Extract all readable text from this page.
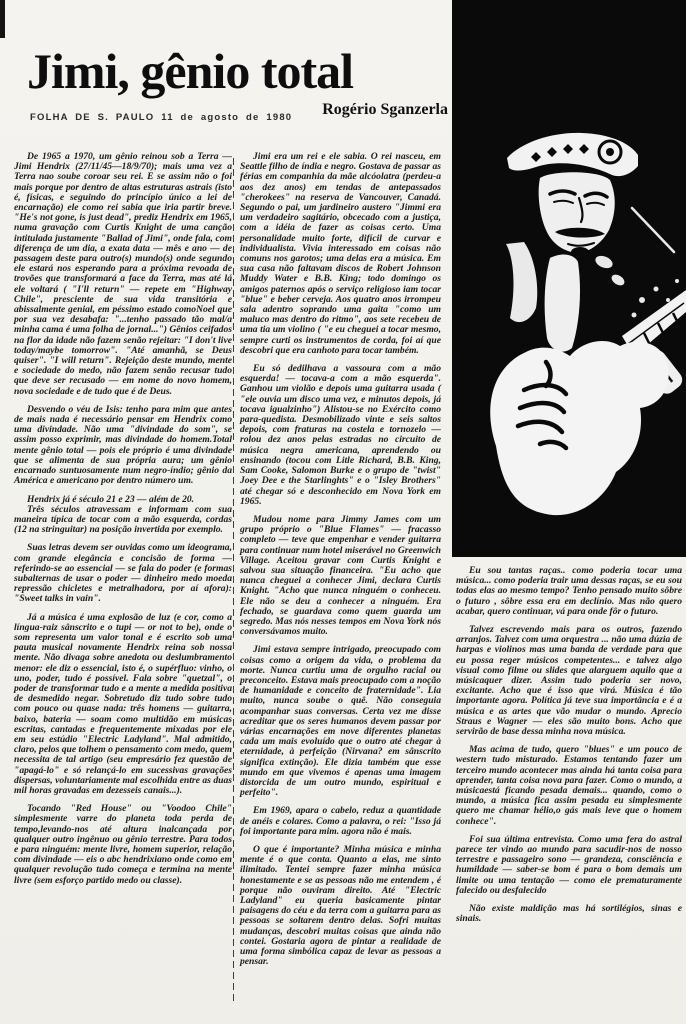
Jimi, gênio total
FOLHA DE S. PAULO 11 de agosto de 1980 Rogério Sganzerla

De 1965 a 1970, um gênio reinou sob a Terra — Jimi Hendrix (27/11/45—18/9/70); mais uma vez a Terra nao soube coroar seu rei. E se assim não o foi mais porque por dentro de altas estruturas astrais (isto é, físicas, e seguindo do princípio único a lei de encarnação) ele como rei sabia que iria partir breve. "He's not gone, is just dead", prediz Hendrix em 1965, numa gravação com Curtis Knight de uma canção intitulada justamente "Ballad of Jimi", onde fala, com diferença de um dia, a exata data — mês e ano — de passagem deste para outro(s) mundo(s) onde segundo ele estará nos esperando para a próxima revoada de trovões que transformará a face da Terra, mas até lá ele voltará ( "I'll return" — repete em "Highway Chile", presciente de sua vida transitória e abissalmente genial, em péssimo estado comoNoel que por sua vez desabafa: "...tenho passado tão mal/a minha cama é uma folha de jornal...") Gênios ceifados na flor da idade não fazem senão rejeitar: "I don't live today/maybe tomorrow". "Até amanhã, se Deus quiser". "I will return". Rejeição deste mundo, mente e sociedade do medo, não fazem senão recusar tudo que deve ser recusado — em nome do novo homem, nova sociedade e de tudo que é de Deus.

Desvendo o véu de Isis: tenho para mim que antes de mais nada é necessário pensar em Hendrix como uma divindade. Não uma "divindade do som", se assim posso exprimir, mas divindade do homem.Total mente gênio total — pois ele próprio é uma divindade que se alimenta de sua própria aura; um gênio encarnado suntuosamente num negro-índio; gênio da América e americano por dentro número um.

Hendrix já é século 21 e 23 — além de 20.

Três séculos atravessam e informam com sua maneira típica de tocar com a mão esquerda, cordas (12 na stringuitar) na posição invertida por exemplo.

Suas letras devem ser ouvidas como um ideograma, com grande elegância e concisão de forma — referindo-se ao essencial — se fala do poder (e formas subalternas de usar o poder — dinheiro medo moeda repressão chicletes e metralhadora, por aí afora): "Sweet talks in vain".

Já a música é uma explosão de luz (e cor, como a língua-raiz sânscrito e o tupi — or not to be), onde o som representa um valor tonal e é escrito sob uma pauta musical novamente Hendrix reina sob nossa mente. Não divaga sobre anedota ou deslumbramento menor: ele diz o essencial, isto é, o supérfluo: vinho, o uno, poder, tudo é possível. Fala sobre "quetzal", o poder de transformar tudo e a mente a medida positiva de desmedido negar. Sobretudo diz tudo sobre tudo com pouco ou quase nada: três homens — guitarra, baixo, bateria — soam como multidão em músicas escritas, cantadas e frequentemente mixadas por ele em seu estúdio "Electric Ladyland". Mal admitido, claro, pelos que tolhem o pensamento com medo, quem necessita de tal artigo (seu empresário fez questão de "apagá-lo" e só relançá-lo em sucessivas gravações dispersas, voluntariamente mal escolhida entre as duas mil horas gravadas em dezesseis canais...).

Tocando "Red House" ou "Voodoo Chile" simplesmente varre do planeta toda perda de tempo,levando-nos até altura inalcançada por qualquer outro ingênuo ou gênio terrestre. Para todos e para ninguém: mente livre, homem superior, relação com divindade — eis o abc hendrixiano onde como em qualquer revolução tudo começa e termina na mente livre (sem esforço partido medo ou classe).

Jimi era um rei e ele sabia. O rei nasceu, em Seattle filho de índia e negro. Gostava de passar as férias em companhia da mãe alcóolatra (perdeu-a aos dez anos) em tendas de antepassados "cherokees" na reserva de Vancouver, Canadá. Segundo o pai, um jardineiro austero "Jimmi era um verdadeiro sagitário, obcecado com a justiça, com a idéia de fazer as coisas certo. Uma personalidade muito forte, difícil de curvar e individualista. Vivia interessado em coisas não comuns nos garotos; uma delas era a música. Em sua casa não faltavam discos de Robert Johnson Muddy Water e B.B. King; todo domingo os amigos paternos após o serviço religioso iam tocar "blue" e beber cerveja. Aos quatro anos irrompeu sala adentro soprando uma gaita "como um maluco mas dentro do ritmo", aos sete recebeu de uma tia um violino ( "e eu cheguei a tocar mesmo, sempre curti os instrumentos de corda, foi aí que descobri que era canhoto para tocar também.

Eu só dedilhava a vassoura com a mão esquerda! — tocava-a com a mão esquerda". Ganhou um violão e depois uma guitarra usada ( "ele ouvia um disco uma vez, e minutos depois, já tocava igualzinho") Alistou-se no Exército como para-quedista. Desmobilizado vinte e seis saltos depois, com fraturas na costela e tornozelo — rolou dez anos pelas estradas no circuito de música negra americana, aprendendo ou ensinando (tocou com Litle Richard, B.B. King, Sam Cooke, Salomon Burke e o grupo de "twist" Joey Dee e the Starlinghts" e o "Isley Brothers" até chegar só e desconhecido em Nova York em 1965.

Mudou nome para Jimmy James com um grupo próprio o "Blue Flames" — fracasso completo — teve que empenhar e vender guitarra para continuar num hotel miserável no Greenwich Village. Aceitou gravar com Curtis Knight e salvou sua situação financeira. "Eu acho que nunca cheguei a conhecer Jimi, declara Curtis Knight. "Acho que nunca ninguém o conheceu. Ele não se deu a conhecer a ninguém. Era fechado, se guardava como quem guarda um segredo. Mas nós nesses tempos em Nova York nós conversávamos muito.

Jimi estava sempre intrigado, preocupado com coisas como a origem da vida, o problema da morte. Nunca curtiu uma de orgulho racial ou preconceito. Estava mais preocupado com a noção de humanidade e conceito de fraternidade". Lia muito, nunca soube o quê. Não conseguia acompanhar suas conversas. Certa vez me disse acreditar que os seres humanos devem passar por várias encarnações em nove diferentes planetas cada um mais evoluído que o outro até chegar à eternidade, à perfeição (Nirvana? em sânscrito significa extinção). Ele dizia também que esse mundo em que vivemos é apenas uma imagem distorcida de um outro mundo, espiritual e perfeito".

Em 1969, apara o cabelo, reduz a quantidade de anéis e colares. Como a palavra, o rei: "Isso já foi importante para mim. agora não é mais.

O que é importante? Minha música e minha mente é o que conta. Quanto a elas, me sinto ilimitado. Tentei sempre fazer minha música honestamente e se as pessoas não me entendem , é porque não ouviram direito. Até "Electric Ladyland" eu queria basicamente pintar paisagens do céu e da terra com a guitarra para as pessoas se soltarem dentro delas. Sofri muitas mudanças, descobri muitas coisas que ainda não contei. Gostaria agora de pintar a realidade de uma forma simbólica capaz de levar as pessoas a pensar.

Eu sou tantas raças.. como poderia tocar uma música... como poderia trair uma dessas raças, se eu sou todas elas ao mesmo tempo? Tenho pensado muito sôbre o futuro , sôbre essa era em declínio. Mas não quero acabar, quero continuar, vá para onde fôr o futuro.

Talvez escrevendo mais para os outros, fazendo arranjos. Talvez com uma orquestra ... não uma dúzia de harpas e violinos mas uma banda de verdade para que eu possa reger músicos competentes... e talvez algo visual como filme ou slides que alarguem aquilo que a músicaquer dizer. Assim tudo poderia ser novo, excitante. Acho que é isso que virá. Música é tão importante agora. Política já teve sua importância e é a música e as artes que vão mudar o mundo. Aprecio Straus e Wagner — eles são muito bons. Acho que servirão de base dessa minha nova música.

Mas acima de tudo, quero "blues" e um pouco de western tudo misturado. Estamos tentando fazer um terceiro mundo acontecer mas ainda há tanta coisa para aprender, tanta coisa nova para fazer. Como o mundo, a músicaestá ficando pesada demais... quando, como o mundo, a música fica assim pesada eu simplesmente quero me chamar hélio,o gás mais leve que o homem conhece".

Foi sua última entrevista. Como uma fera do astral parece ter vindo ao mundo para sacudir-nos de nosso terrestre e passageiro sono — grandeza, consciência e humildade — saber-se bom é para o bom demais um limite ou uma tentação — como ele prematuramente falecido ou desfalecido

Não existe maldição mas há sortilégios, sinas e sinais.
